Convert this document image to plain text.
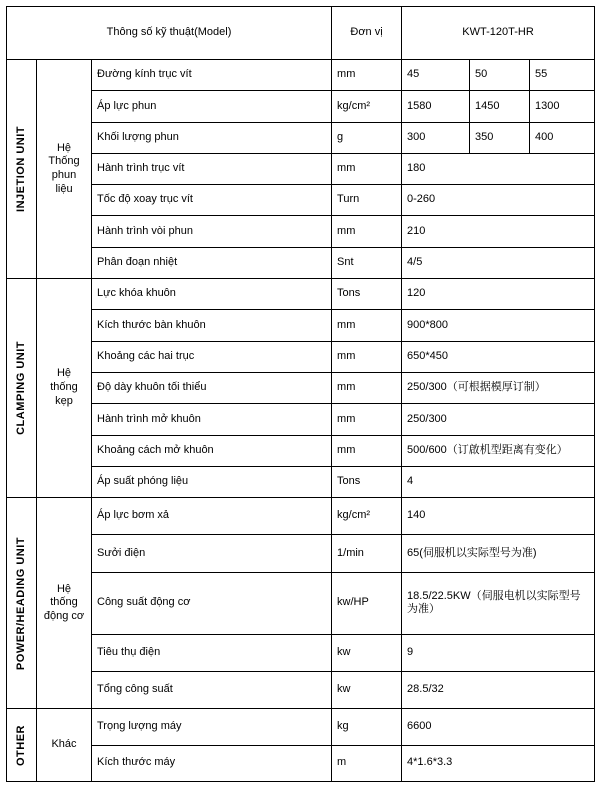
Thông số kỹ thuật(Model)			Đơn vị	KWT-120T-HR		

INJETION UNIT	Hệ Thống phun liệu	Đường kính trục vít	mm	45	50	55
		Áp lực phun	kg/cm²	1580	1450	1300
		Khối lượng phun	g	300	350	400
		Hành trình trục vít	mm	180		
		Tốc độ xoay trục vít	Turn	0-260		
		Hành trình vòi phun	mm	210		
		Phân đoạn nhiệt	Snt	4/5		

CLAMPING UNIT	Hệ thống kẹp	Lực khóa khuôn	Tons	120		
		Kích thước bàn khuôn	mm	900*800		
		Khoảng các hai trục	mm	650*450		
		Độ dày khuôn tối thiểu	mm	250/300（可根据模厚订制）		
		Hành trình mở khuôn	mm	250/300		
		Khoảng cách mở khuôn	mm	500/600（订啟机型距离有变化）		
		Áp suất phóng liệu	Tons	4		

POWER/HEADING UNIT	Hệ thống động cơ	Áp lực bơm xả	kg/cm²	140		
		Sưởi điện	1/min	65(伺服机以实际型号为准)		
		Công suất động cơ	kw/HP	18.5/22.5KW（伺服电机以实际型号为准）		
		Tiêu thụ điện	kw	9		
		Tổng công suất	kw	28.5/32		

OTHER	Khác	Trọng lượng máy	kg	6600		
		Kích thước máy	m	4*1.6*3.3		
